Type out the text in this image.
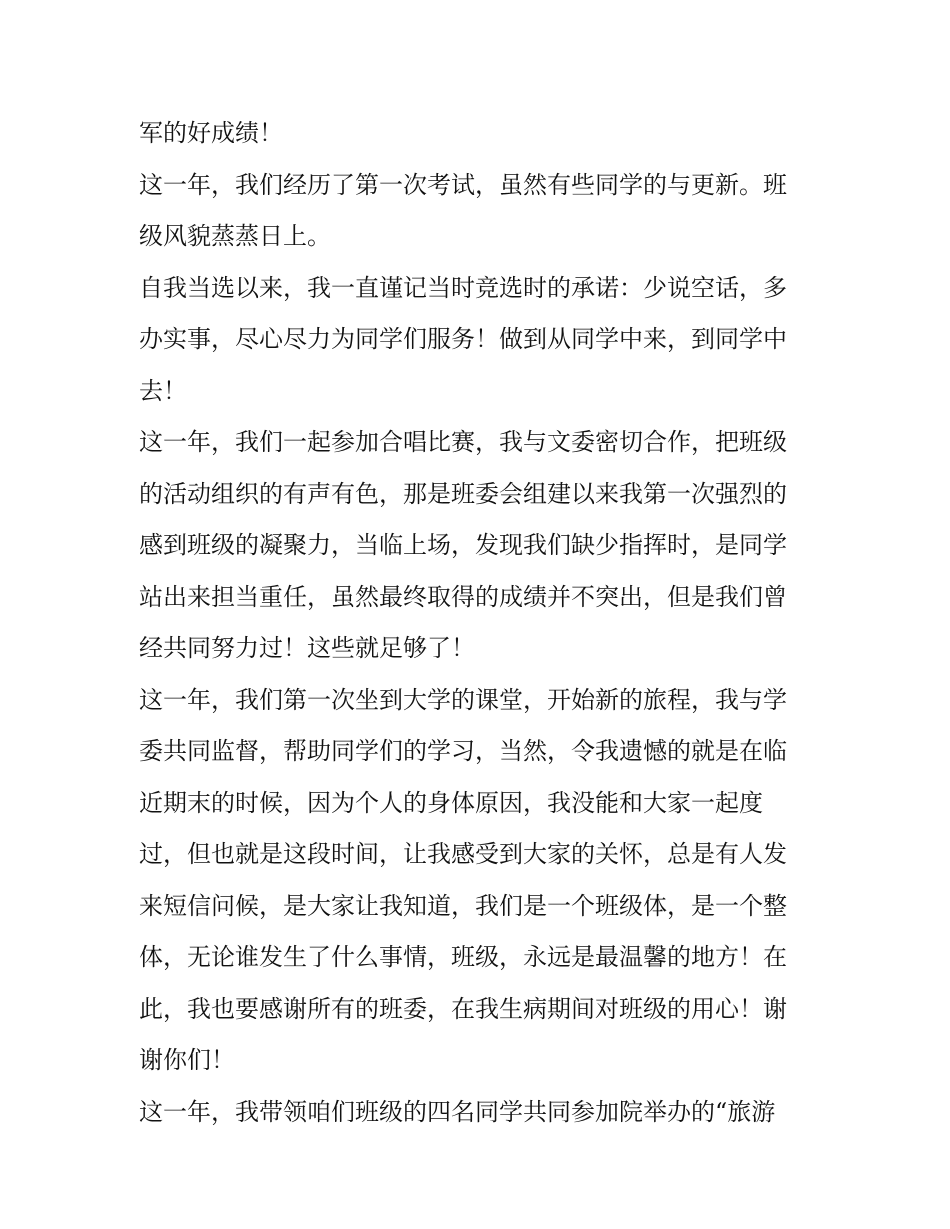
军的好成绩！
这一年，我们经历了第一次考试，虽然有些同学的与更新。班
级风貌蒸蒸日上。
自我当选以来，我一直谨记当时竞选时的承诺：少说空话，多
办实事，尽心尽力为同学们服务！做到从同学中来，到同学中
去！
这一年，我们一起参加合唱比赛，我与文委密切合作，把班级
的活动组织的有声有色，那是班委会组建以来我第一次强烈的
感到班级的凝聚力，当临上场，发现我们缺少指挥时，是同学
站出来担当重任，虽然最终取得的成绩并不突出，但是我们曾
经共同努力过！这些就足够了！
这一年，我们第一次坐到大学的课堂，开始新的旅程，我与学
委共同监督，帮助同学们的学习，当然，令我遗憾的就是在临
近期末的时候，因为个人的身体原因，我没能和大家一起度
过，但也就是这段时间，让我感受到大家的关怀，总是有人发
来短信问候，是大家让我知道，我们是一个班级体，是一个整
体，无论谁发生了什么事情，班级，永远是最温馨的地方！在
此，我也要感谢所有的班委，在我生病期间对班级的用心！谢
谢你们！
这一年，我带领咱们班级的四名同学共同参加院举办的“旅游
